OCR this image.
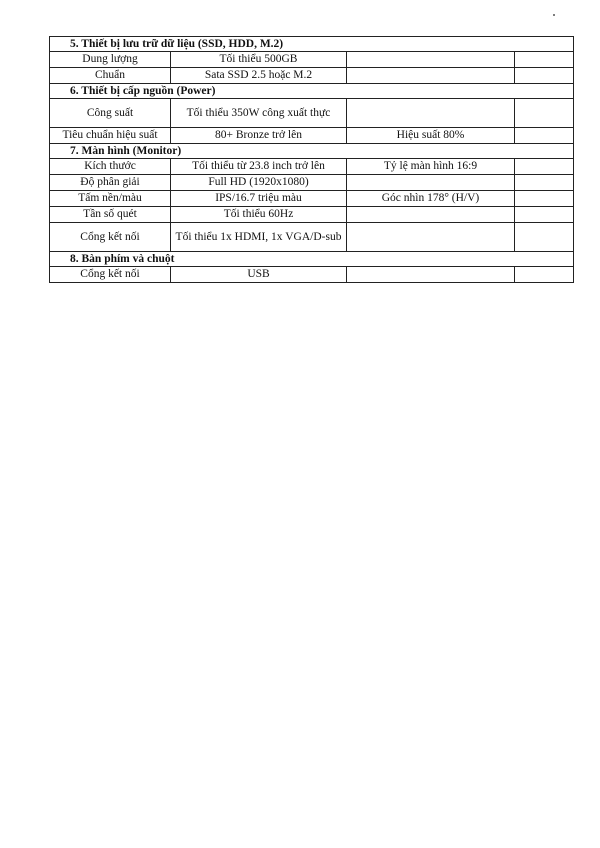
5. Thiết bị lưu trữ dữ liệu (SSD, HDD, M.2)			
Dung lượng	Tối thiểu 500GB		
Chuẩn	Sata SSD 2.5 hoặc M.2		
6. Thiết bị cấp nguồn (Power)			
Công suất	Tối thiểu 350W công xuất thực		
Tiêu chuẩn hiệu suất	80+ Bronze trở lên	Hiệu suất 80%	
7. Màn hình (Monitor)			
Kích thước	Tối thiểu từ 23.8 inch trở lên	Tỷ lệ màn hình 16:9	
Độ phân giải	Full HD (1920x1080)		
Tấm nền/màu	IPS/16.7 triệu màu	Góc nhìn 178° (H/V)	
Tần số quét	Tối thiểu 60Hz		
Cổng kết nối	Tối thiểu 1x HDMI, 1x VGA/D-sub		
8. Bàn phím và chuột			
Cổng kết nối	USB		
